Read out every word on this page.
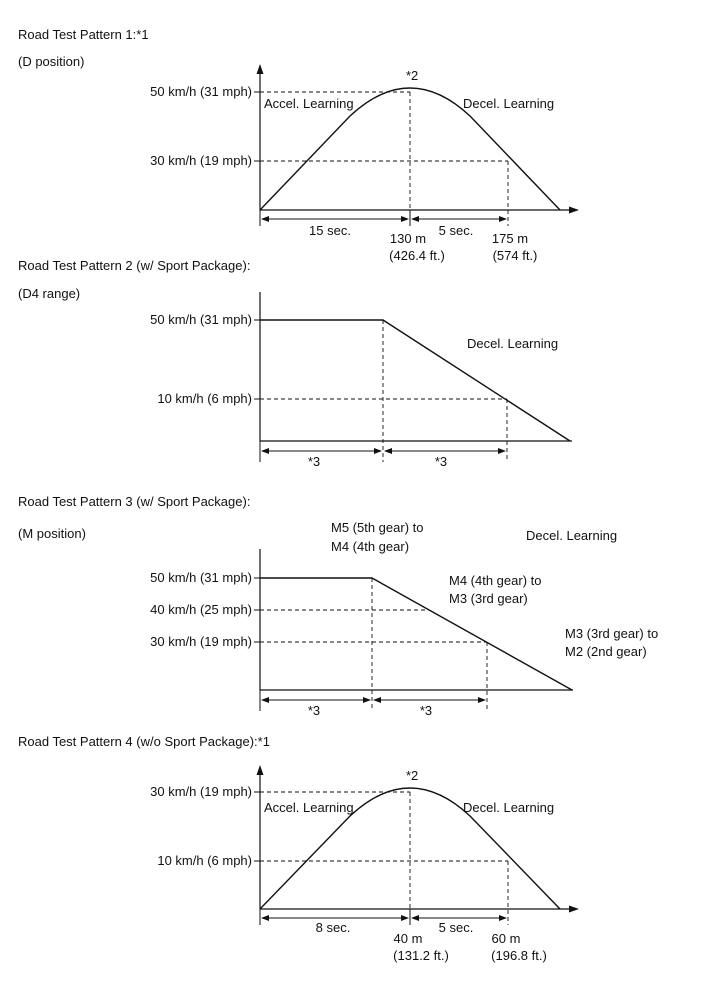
Road Test Pattern 1:*1
(D position)
50 km/h (31 mph)
30 km/h (19 mph)
*2
Accel. Learning	Decel. Learning
15 sec.	5 sec.
130 m
(426.4 ft.)
175 m
(574 ft.)
Road Test Pattern 2 (w/ Sport Package):
(D4 range)
50 km/h (31 mph)
10 km/h (6 mph)
Decel. Learning
*3	*3
Road Test Pattern 3 (w/ Sport Package):
(M position)	M5 (5th gear) to
M4 (4th gear)
Decel. Learning
M4 (4th gear) to
M3 (3rd gear)
M3 (3rd gear) to
M2 (2nd gear)
50 km/h (31 mph)
40 km/h (25 mph)
30 km/h (19 mph)
*3	*3
Road Test Pattern 4 (w/o Sport Package):*1
30 km/h (19 mph)
10 km/h (6 mph)
*2
Accel. Learning	Decel. Learning
8 sec.	5 sec.
40 m
(131.2 ft.)
60 m
(196.8 ft.)
